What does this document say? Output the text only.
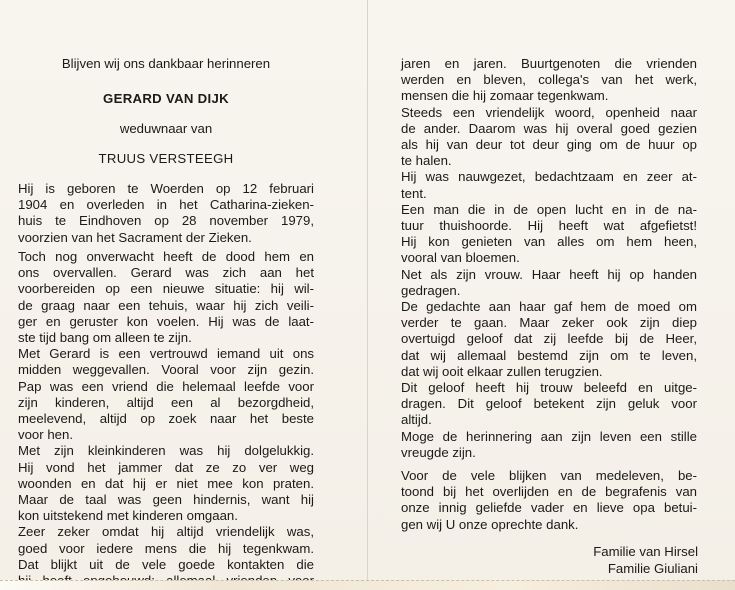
Blijven wij ons dankbaar herinneren
GERARD VAN DIJK
weduwnaar van
TRUUS VERSTEEGH
Hij is geboren te Woerden op 12 februari
1904 en overleden in het Catharina-zieken-
huis te Eindhoven op 28 november 1979,
voorzien van het Sacrament der Zieken.
Toch nog onverwacht heeft de dood hem en
ons overvallen. Gerard was zich aan het
voorbereiden op een nieuwe situatie: hij wil-
de graag naar een tehuis, waar hij zich veili-
ger en geruster kon voelen. Hij was de laat-
ste tijd bang om alleen te zijn.
Met Gerard is een vertrouwd iemand uit ons
midden weggevallen. Vooral voor zijn gezin.
Pap was een vriend die helemaal leefde voor
zijn kinderen, altijd een al bezorgdheid,
meelevend, altijd op zoek naar het beste
voor hen.
Met zijn kleinkinderen was hij dolgelukkig.
Hij vond het jammer dat ze zo ver weg
woonden en dat hij er niet mee kon praten.
Maar de taal was geen hindernis, want hij
kon uitstekend met kinderen omgaan.
Zeer zeker omdat hij altijd vriendelijk was,
goed voor iedere mens die hij tegenkwam.
Dat blijkt uit de vele goede kontakten die
jaren en jaren. Buurtgenoten die vrienden
werden en bleven, collega's van het werk,
mensen die hij zomaar tegenkwam.
Steeds een vriendelijk woord, openheid naar
de ander. Daarom was hij overal goed gezien
als hij van deur tot deur ging om de huur op
te halen.
Hij was nauwgezet, bedachtzaam en zeer at-
tent.
Een man die in de open lucht en in de na-
tuur thuishoorde. Hij heeft wat afgefietst!
Hij kon genieten van alles om hem heen,
vooral van bloemen.
Net als zijn vrouw. Haar heeft hij op handen
gedragen.
De gedachte aan haar gaf hem de moed om
verder te gaan. Maar zeker ook zijn diep
overtuigd geloof dat zij leefde bij de Heer,
dat wij allemaal bestemd zijn om te leven,
dat wij ooit elkaar zullen terugzien.
Dit geloof heeft hij trouw beleefd en uitge-
dragen. Dit geloof betekent zijn geluk voor
altijd.
Moge de herinnering aan zijn leven een stille
vreugde zijn.
Voor de vele blijken van medeleven, be-
toond bij het overlijden en de begrafenis van
onze innig geliefde vader en lieve opa betui-
gen wij U onze oprechte dank.
Familie van Hirsel
Familie Giuliani
